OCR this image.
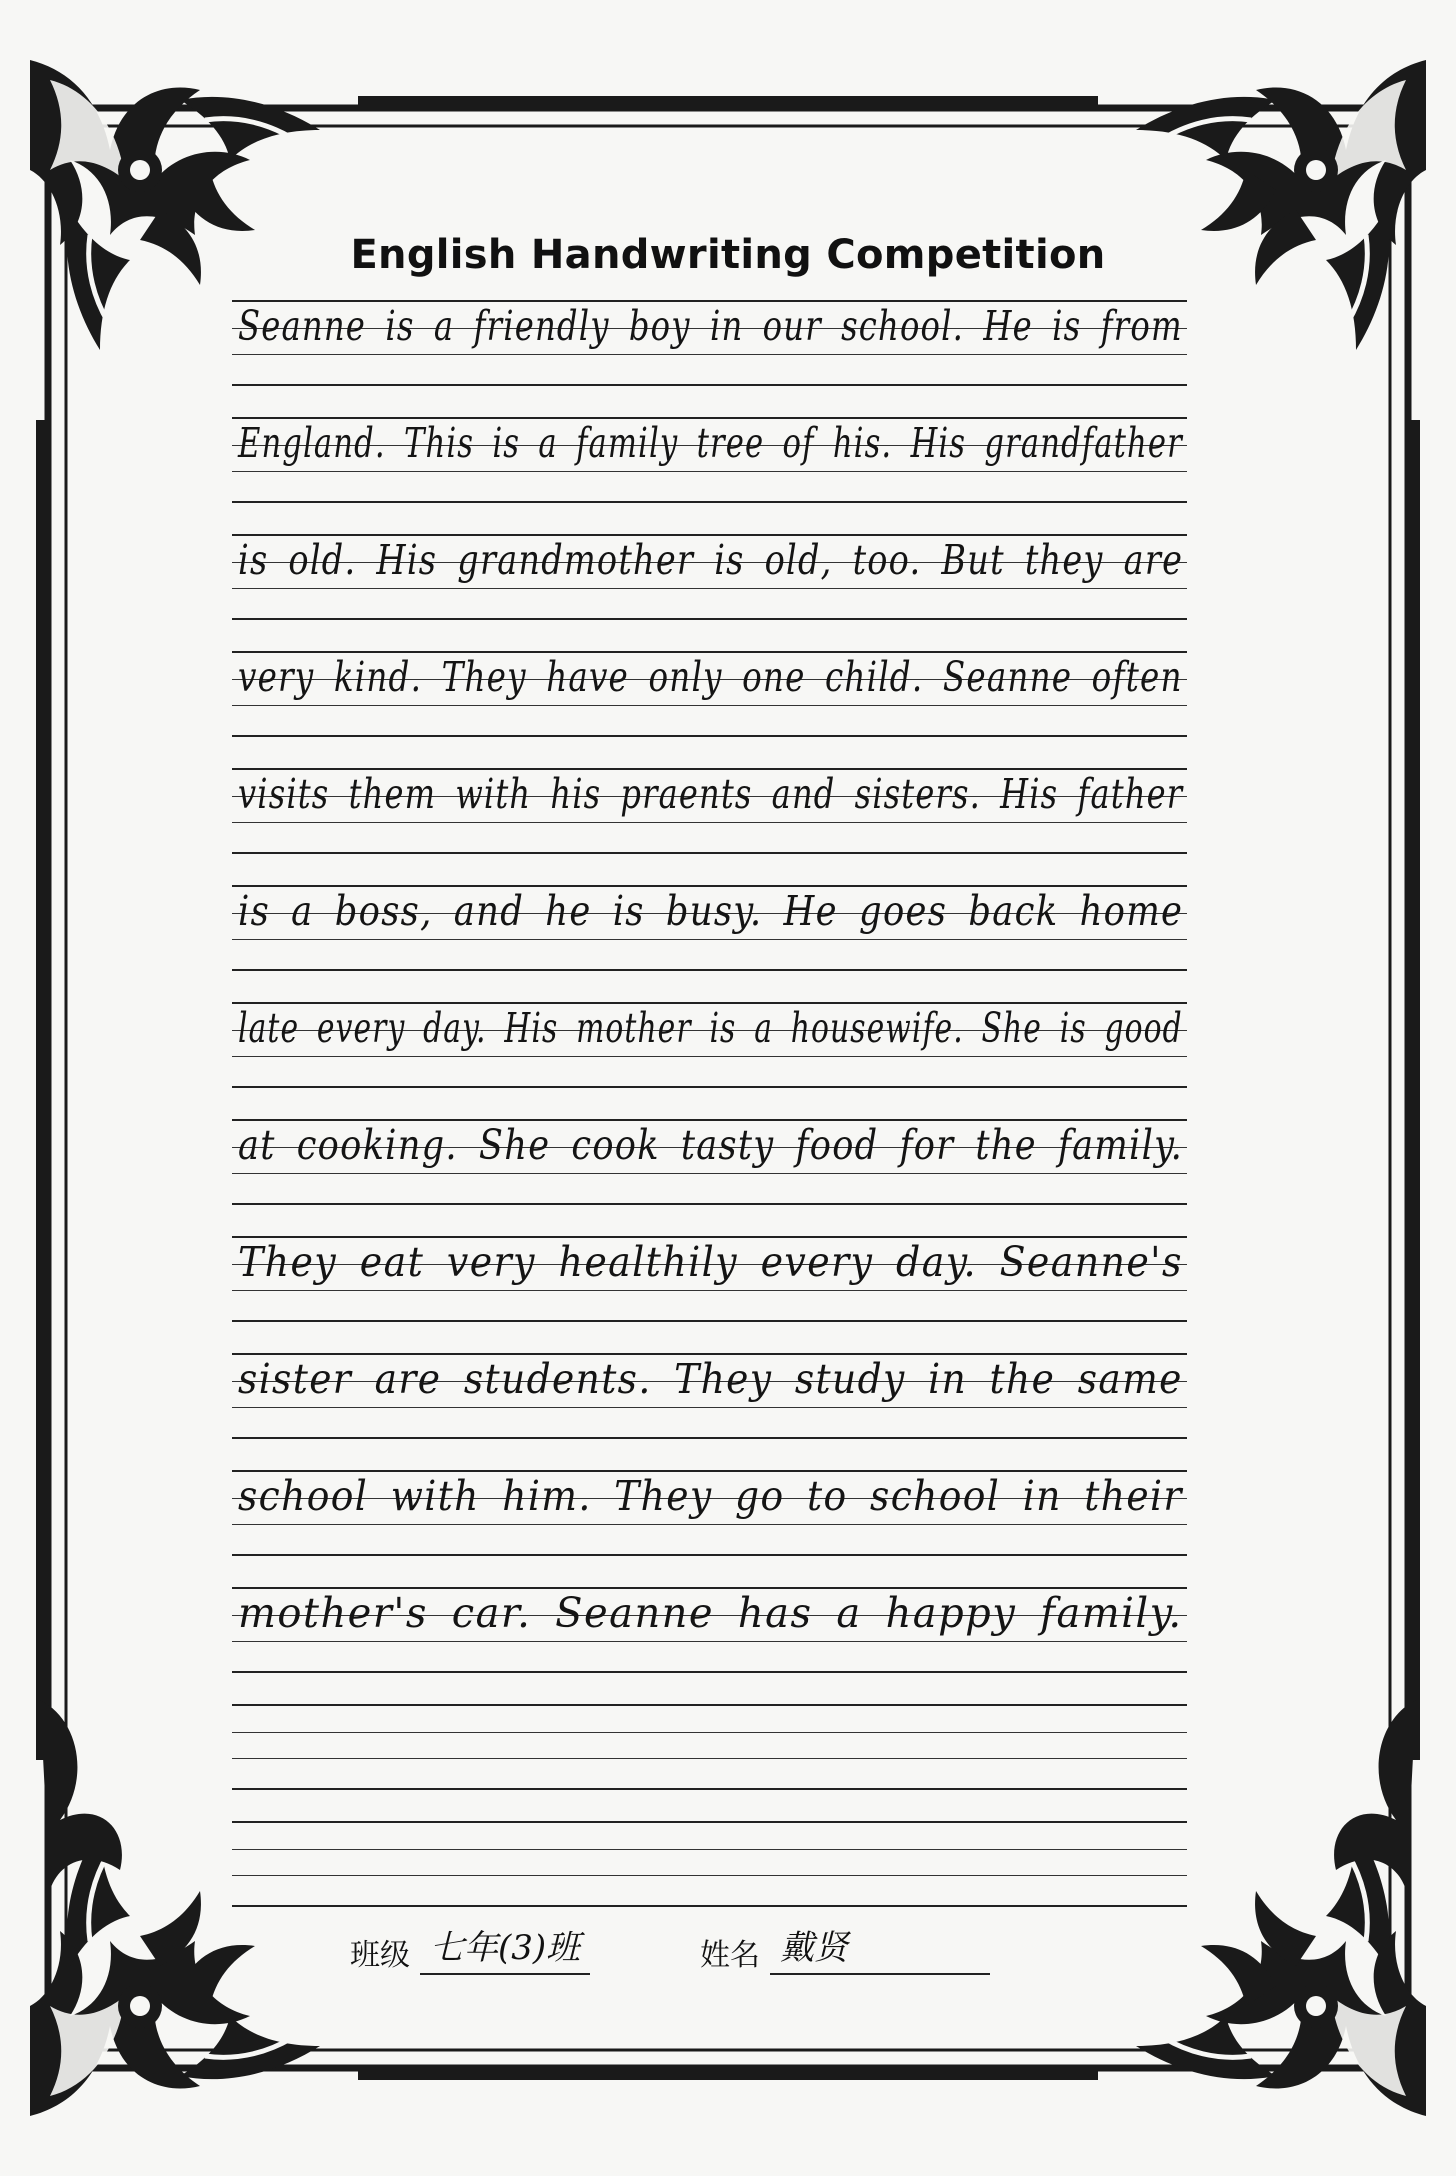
English Handwriting Competition
Seanne is a friendly boy in our school. He is from
England. This is a family tree of his. His grandfather
is old. His grandmother is old, too. But they are
very kind. They have only one child. Seanne often
visits them with his praents and sisters. His father
is a boss, and he is busy. He goes back home
late every day. His mother is a housewife. She is good
at cooking. She cook tasty food for the family.
They eat very healthily every day. Seanne's
sister are students. They study in the same
school with him. They go to school in their
mother's car. Seanne has a happy family.
班级 七年(3)班	姓名 戴贤
